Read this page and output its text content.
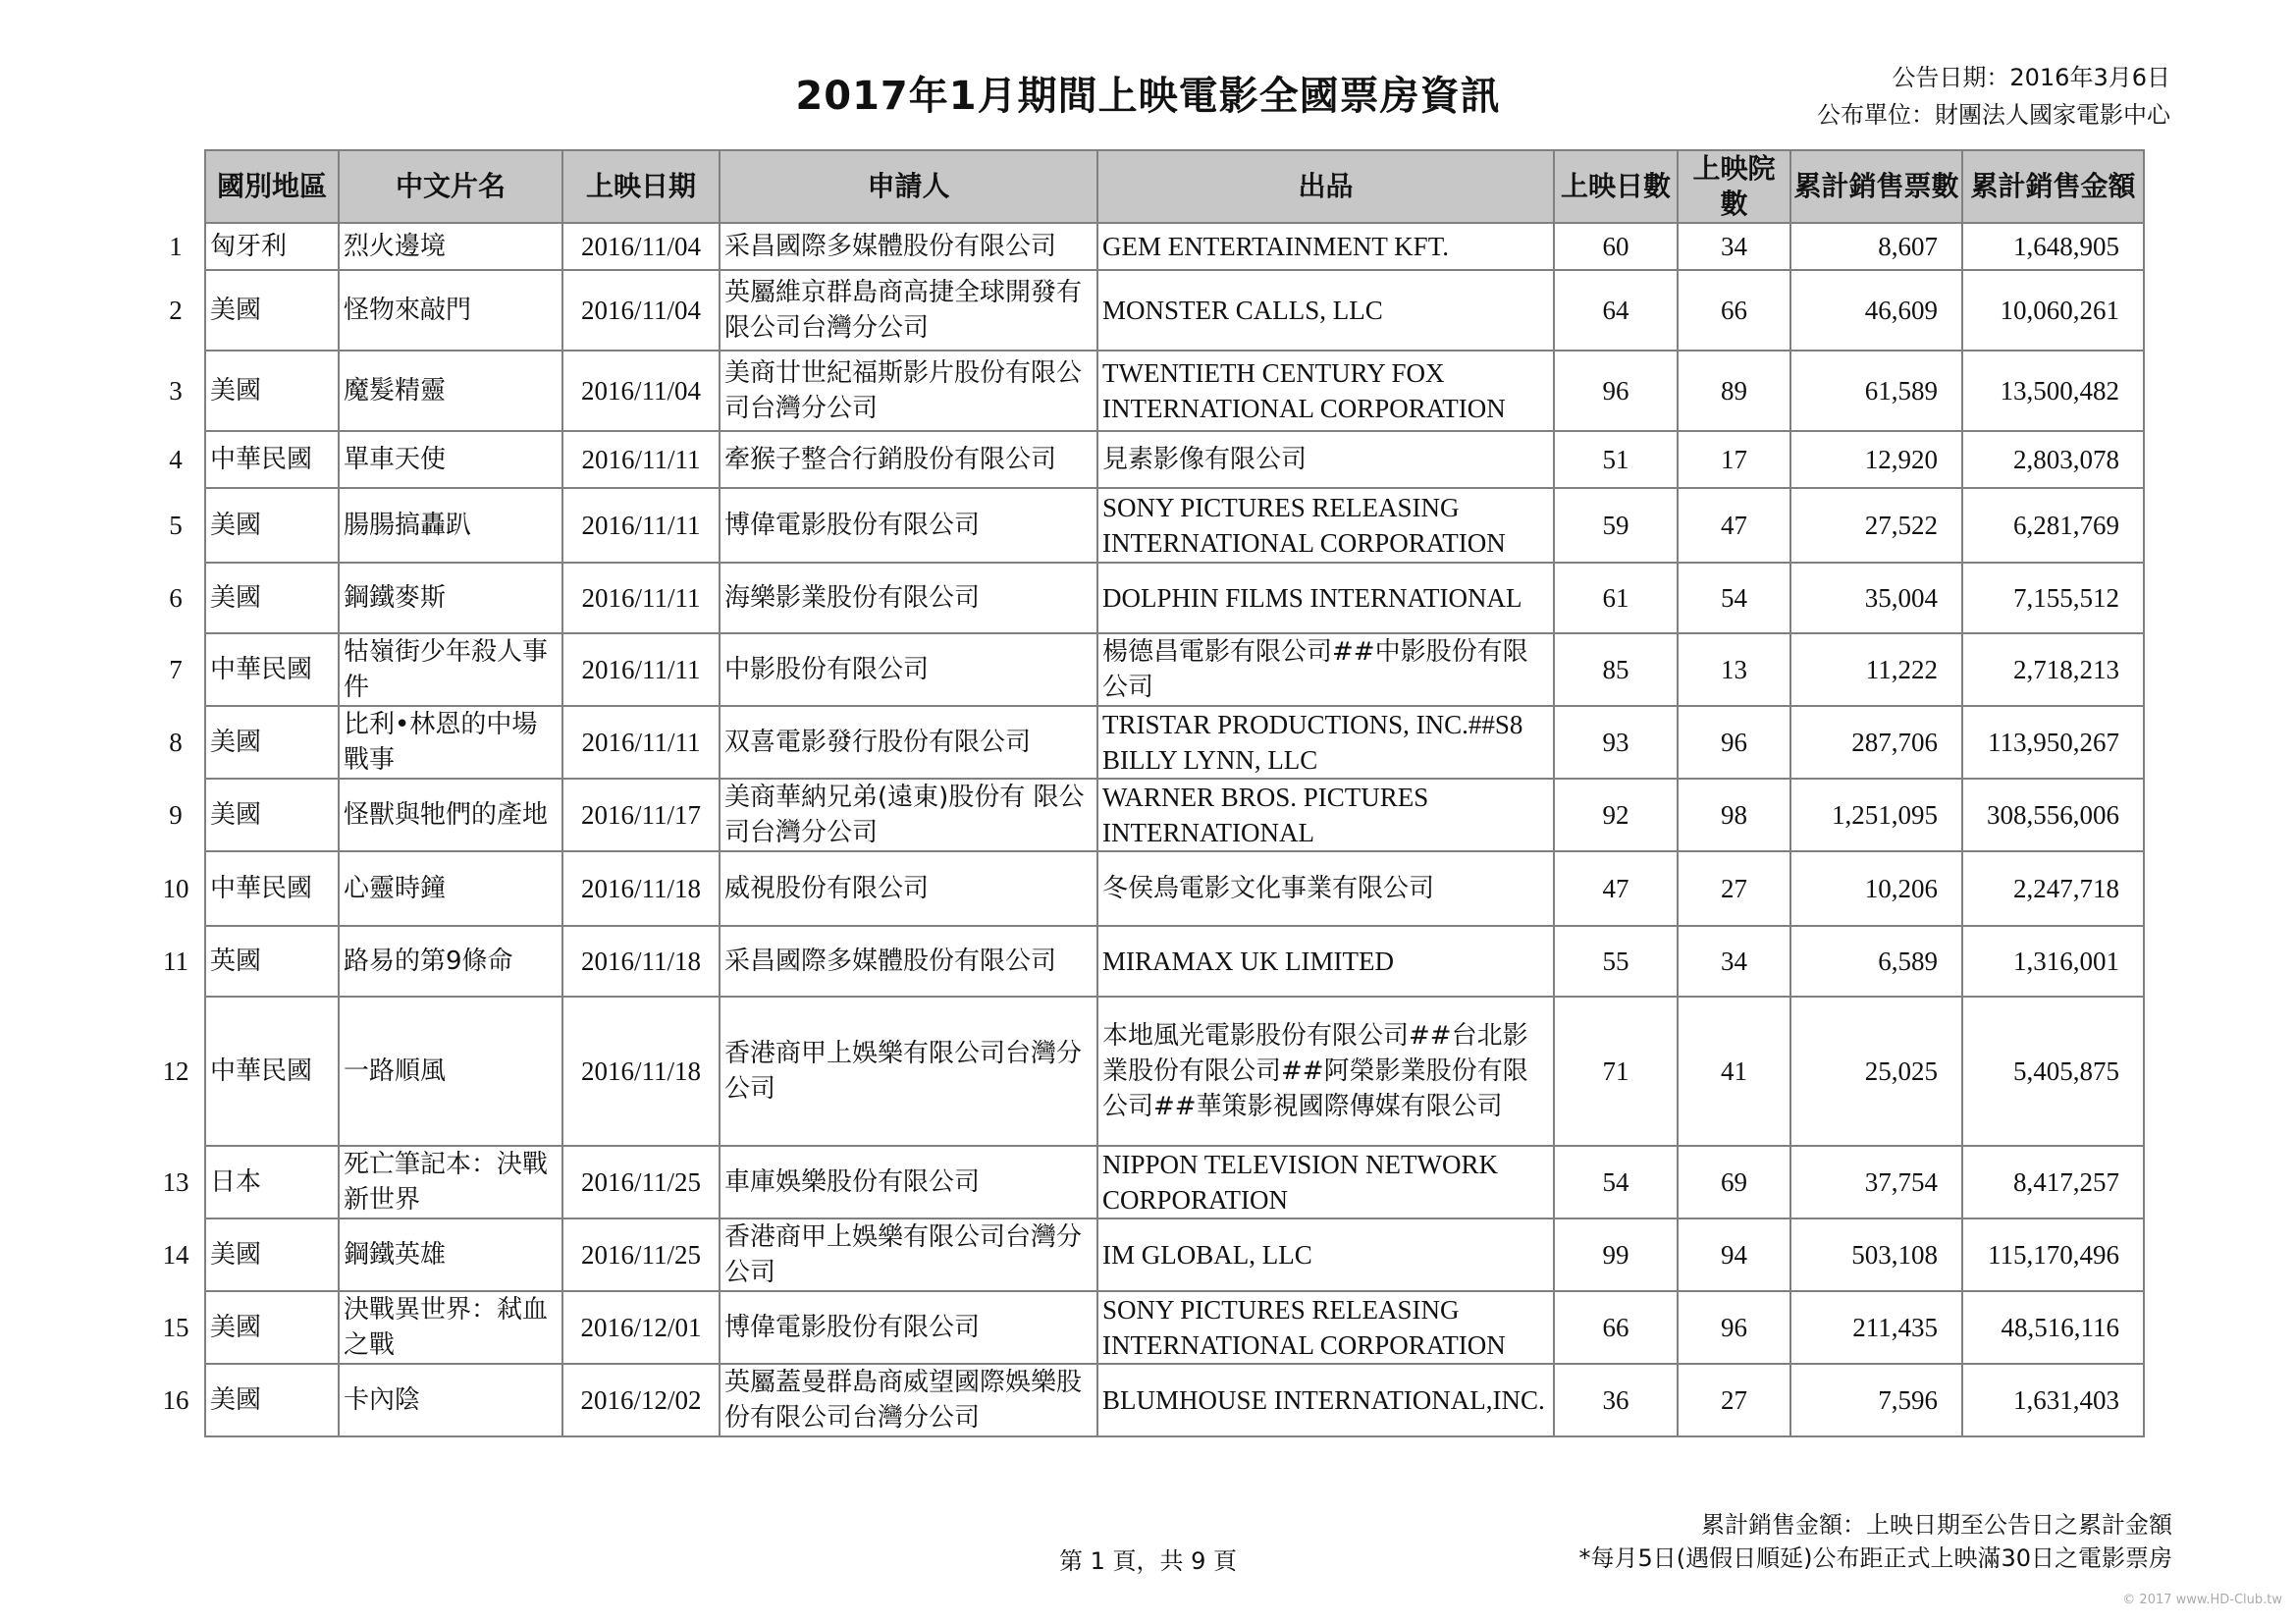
2017年1月期間上映電影全國票房資訊	公告日期：2016年3月6日
公布單位：財團法人國家電影中心
	國別地區	中文片名	上映日期	申請人	出品	上映日數	上映院數	累計銷售票數	累計銷售金額
1	匈牙利	烈火邊境	2016/11/04	采昌國際多媒體股份有限公司	GEM ENTERTAINMENT KFT.	60	34	8,607	1,648,905
2	美國	怪物來敲門	2016/11/04	英屬維京群島商高捷全球開發有限公司台灣分公司	MONSTER CALLS, LLC	64	66	46,609	10,060,261
3	美國	魔髮精靈	2016/11/04	美商廿世紀福斯影片股份有限公司台灣分公司	TWENTIETH CENTURY FOX INTERNATIONAL CORPORATION	96	89	61,589	13,500,482
4	中華民國	單車天使	2016/11/11	牽猴子整合行銷股份有限公司	見素影像有限公司	51	17	12,920	2,803,078
5	美國	腸腸搞轟趴	2016/11/11	博偉電影股份有限公司	SONY PICTURES RELEASING INTERNATIONAL CORPORATION	59	47	27,522	6,281,769
6	美國	鋼鐵麥斯	2016/11/11	海樂影業股份有限公司	DOLPHIN FILMS INTERNATIONAL	61	54	35,004	7,155,512
7	中華民國	牯嶺街少年殺人事件	2016/11/11	中影股份有限公司	楊德昌電影有限公司##中影股份有限公司	85	13	11,222	2,718,213
8	美國	比利•林恩的中場戰事	2016/11/11	双喜電影發行股份有限公司	TRISTAR PRODUCTIONS, INC.##S8 BILLY LYNN, LLC	93	96	287,706	113,950,267
9	美國	怪獸與牠們的產地	2016/11/17	美商華納兄弟(遠東)股份有 限公司台灣分公司	WARNER BROS. PICTURES INTERNATIONAL	92	98	1,251,095	308,556,006
10	中華民國	心靈時鐘	2016/11/18	威視股份有限公司	冬侯鳥電影文化事業有限公司	47	27	10,206	2,247,718
11	英國	路易的第9條命	2016/11/18	采昌國際多媒體股份有限公司	MIRAMAX UK LIMITED	55	34	6,589	1,316,001
12	中華民國	一路順風	2016/11/18	香港商甲上娛樂有限公司台灣分公司	本地風光電影股份有限公司##台北影業股份有限公司##阿榮影業股份有限公司##華策影視國際傳媒有限公司	71	41	25,025	5,405,875
13	日本	死亡筆記本：決戰新世界	2016/11/25	車庫娛樂股份有限公司	NIPPON TELEVISION NETWORK CORPORATION	54	69	37,754	8,417,257
14	美國	鋼鐵英雄	2016/11/25	香港商甲上娛樂有限公司台灣分公司	IM GLOBAL, LLC	99	94	503,108	115,170,496
15	美國	決戰異世界：弒血之戰	2016/12/01	博偉電影股份有限公司	SONY PICTURES RELEASING INTERNATIONAL CORPORATION	66	96	211,435	48,516,116
16	美國	卡內陰	2016/12/02	英屬蓋曼群島商威望國際娛樂股份有限公司台灣分公司	BLUMHOUSE INTERNATIONAL,INC.	36	27	7,596	1,631,403
累計銷售金額：上映日期至公告日之累計金額
*每月5日(遇假日順延)公布距正式上映滿30日之電影票房
第 1 頁，共 9 頁
© 2017 www.HD-Club.tw
